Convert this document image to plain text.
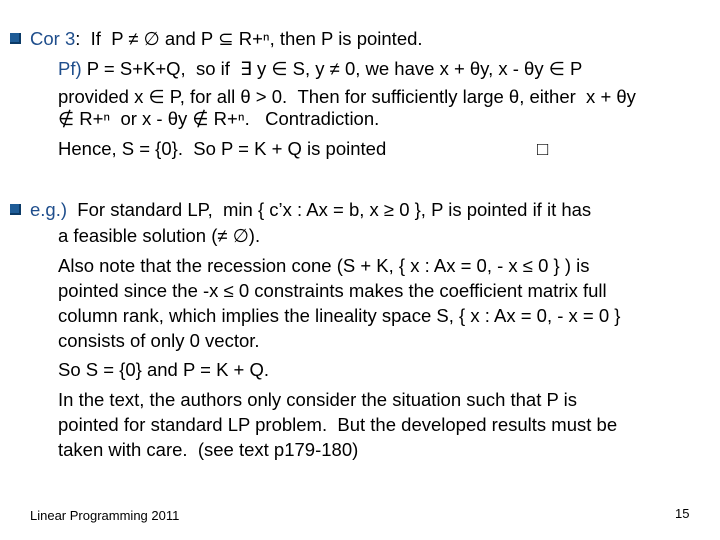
Cor 3:  If  P ≠ ∅ and P ⊆ R+ⁿ, then P is pointed.
Pf) P = S+K+Q,  so if  ∃ y ∈ S, y ≠ 0, we have x + θy, x - θy ∈ P
provided x ∈ P, for all θ > 0.  Then for sufficiently large θ, either  x + θy
∉ R+ⁿ  or x - θy ∉ R+ⁿ.   Contradiction.
Hence, S = {0}.  So P = K + Q is pointed	□
e.g.)  For standard LP,  min { c’x : Ax = b, x ≥ 0 }, P is pointed if it has
a feasible solution (≠ ∅).
Also note that the recession cone (S + K, { x : Ax = 0, - x ≤ 0 } ) is
pointed since the -x ≤ 0 constraints makes the coefficient matrix full
column rank, which implies the lineality space S, { x : Ax = 0, - x = 0 }
consists of only 0 vector.
So S = {0} and P = K + Q.
In the text, the authors only consider the situation such that P is
pointed for standard LP problem.  But the developed results must be
taken with care.  (see text p179-180)
Linear Programming 2011	15
